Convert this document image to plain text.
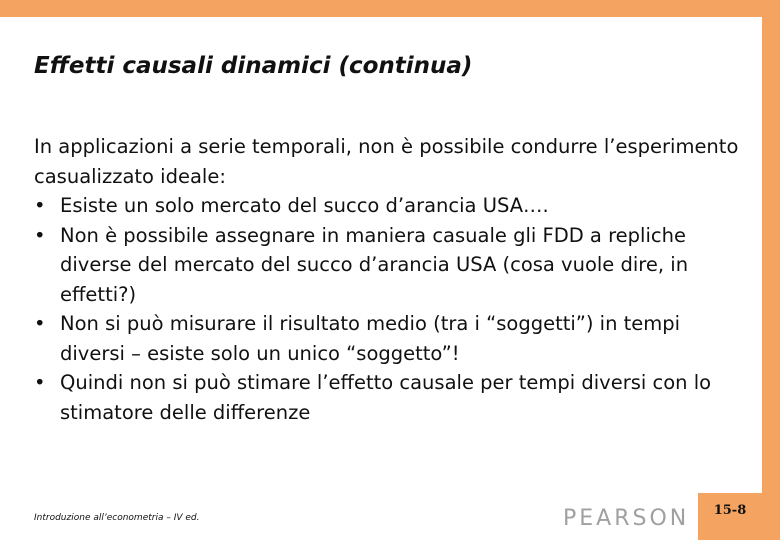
Effetti causali dinamici (continua)

In applicazioni a serie temporali, non è possibile condurre l’esperimento casualizzato ideale:

• Esiste un solo mercato del succo d’arancia USA….
• Non è possibile assegnare in maniera casuale gli FDD a repliche diverse del mercato del succo d’arancia USA (cosa vuole dire, in effetti?)
• Non si può misurare il risultato medio (tra i “soggetti”) in tempi diversi – esiste solo un unico “soggetto”!
• Quindi non si può stimare l’effetto causale per tempi diversi con lo stimatore delle differenze
Introduzione all’econometria – IV ed.	PEARSON	15-8
